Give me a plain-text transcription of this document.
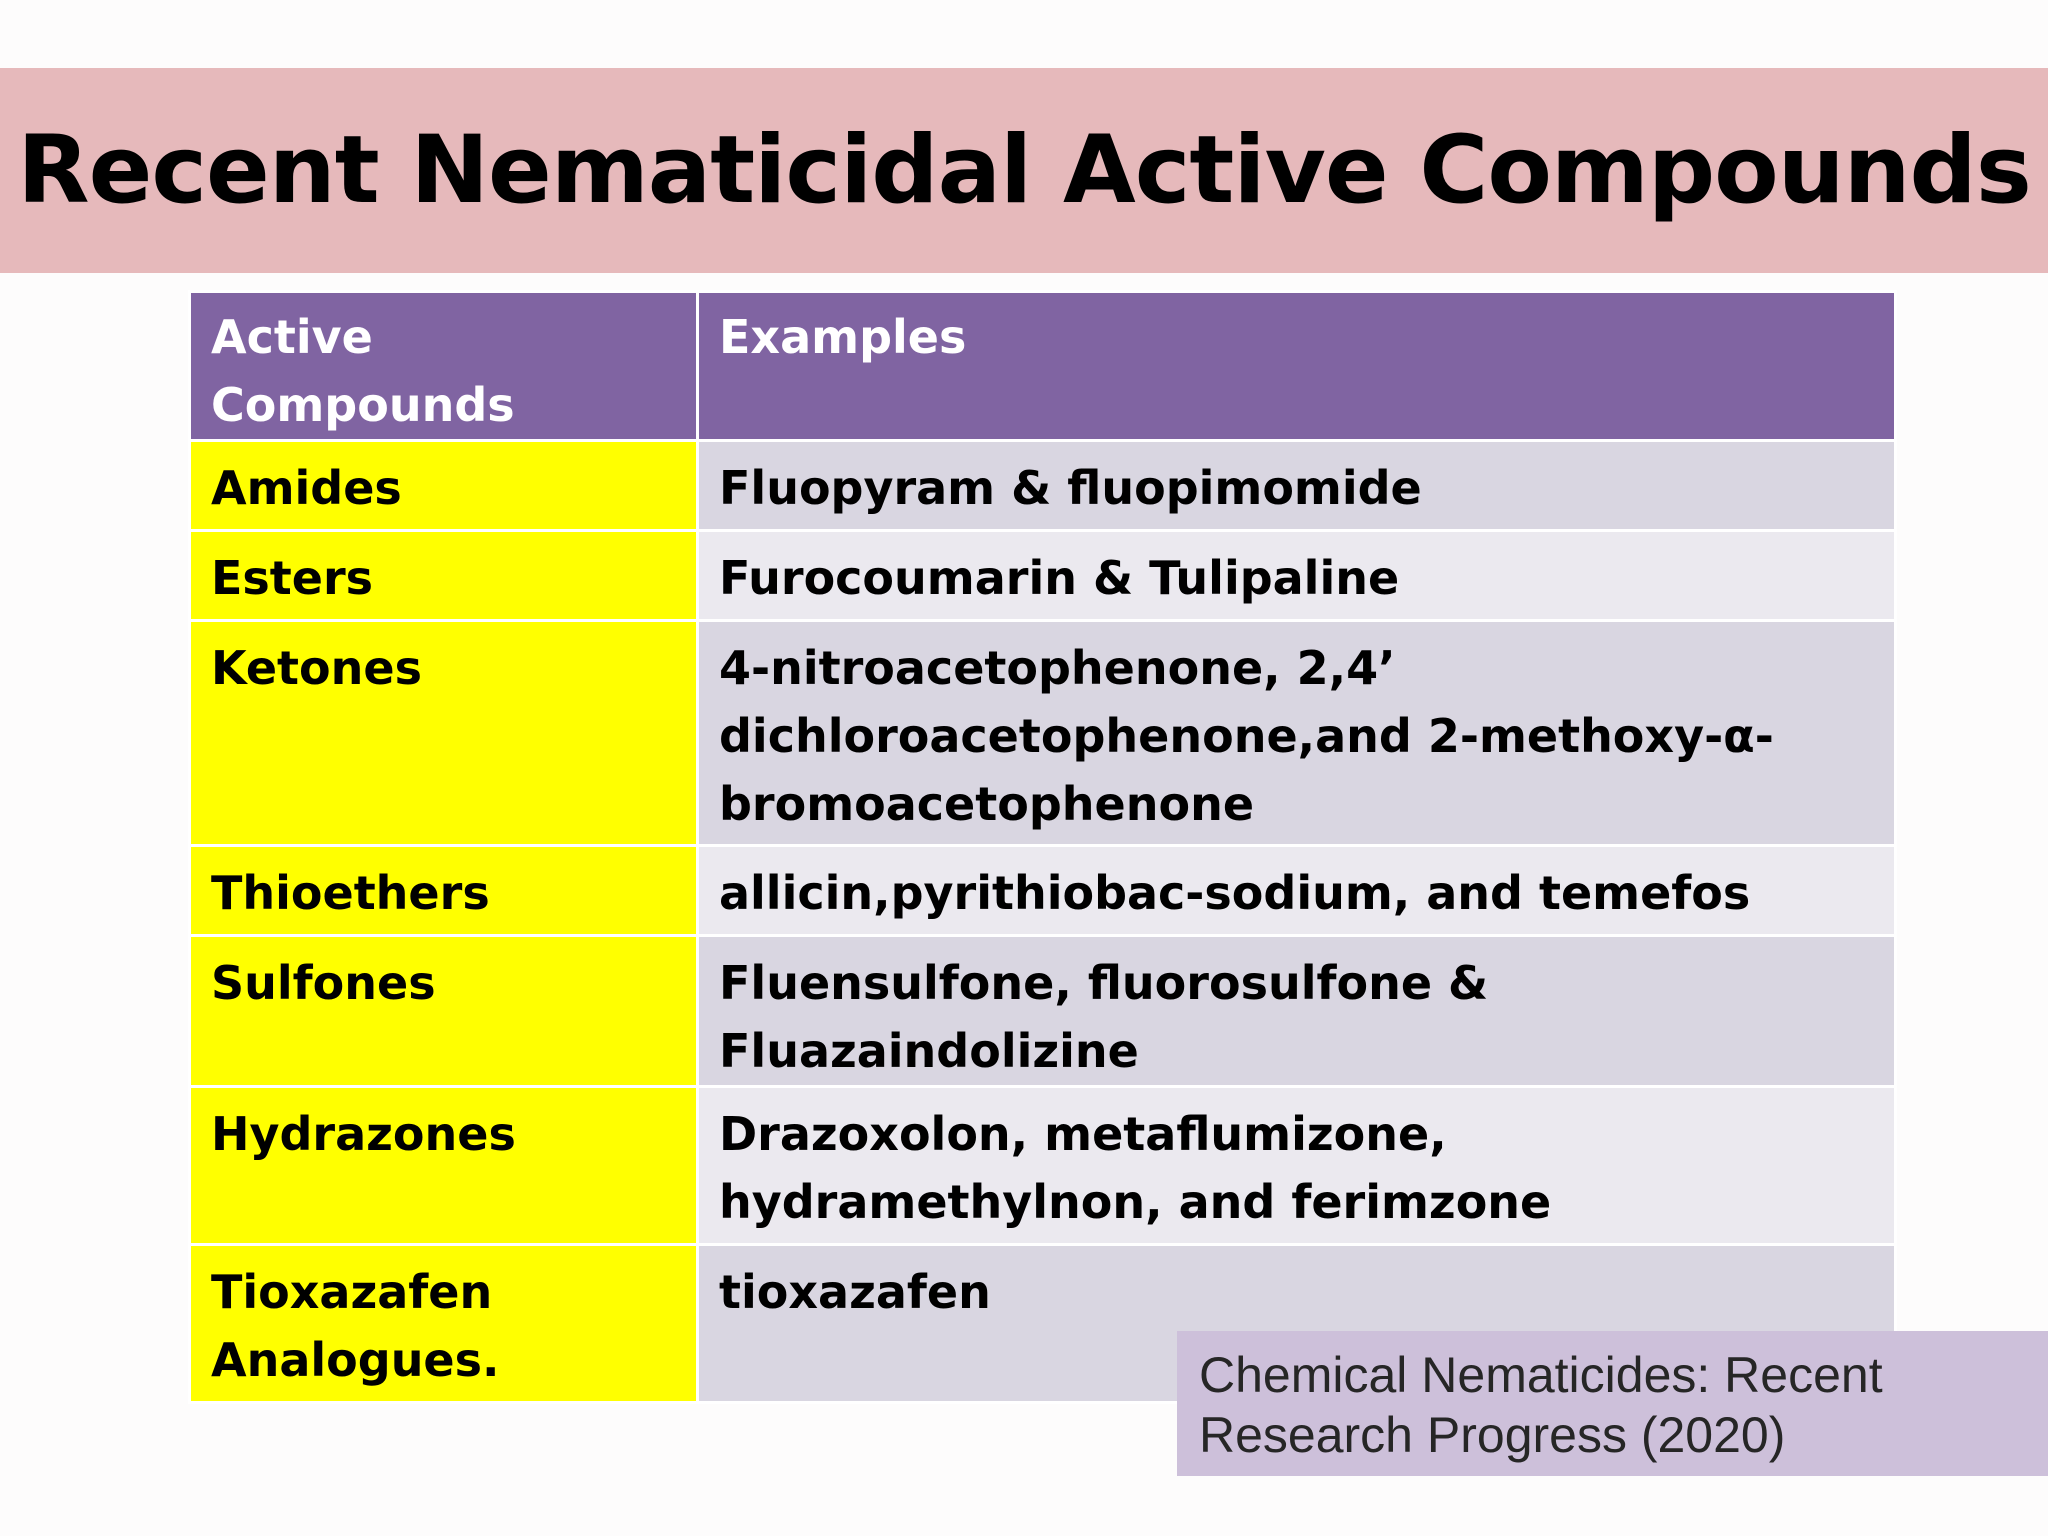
Recent Nematicidal Active Compounds
Active Compounds	Examples
Amides	Fluopyram & fluopimomide
Esters	Furocoumarin & Tulipaline
Ketones	4-nitroacetophenone, 2,4’ dichloroacetophenone,and 2-methoxy-α-bromoacetophenone
Thioethers	allicin,pyrithiobac-sodium, and temefos
Sulfones	Fluensulfone, fluorosulfone & Fluazaindolizine
Hydrazones	Drazoxolon, metaflumizone, hydramethylnon, and ferimzone
Tioxazafen Analogues.	tioxazafen
Chemical Nematicides: Recent Research Progress (2020)
